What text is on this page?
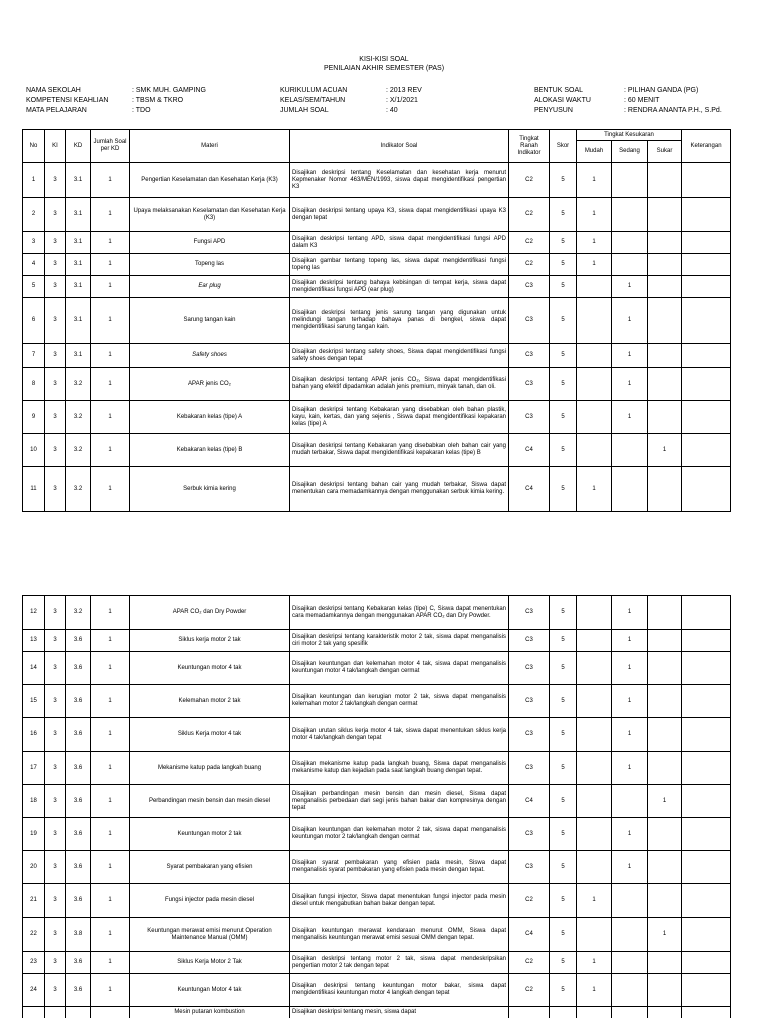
KISI-KISI SOAL
PENILAIAN AKHIR SEMESTER (PAS)
NAMA SEKOLAH	: SMK MUH. GAMPING
KOMPETENSI KEAHLIAN	: TBSM & TKRO
MATA PELAJARAN	: TDO
KURIKULUM ACUAN	: 2013 REV
KELAS/SEM/TAHUN	: X/1/2021
JUMLAH SOAL	: 40
BENTUK SOAL	: PILIHAN GANDA (PG)
ALOKASI WAKTU	: 60 MENIT
PENYUSUN	: RENDRA ANANTA P.H., S.Pd.
No	KI	KD	Jumlah Soal per KD	Materi	Indikator Soal	Tingkat Ranah Indikator	Skor	Tingkat Kesukaran			Keterangan
								Mudah	Sedang	Sukar	
1	3	3.1	1	Pengertian Keselamatan dan Kesehatan Kerja (K3)	Disajikan deskripsi tentang Keselamatan dan kesehatan kerja menurut Kepmenaker Nomor 463/MEN/1993, siswa dapat mengidentifikasi pengertian K3	C2	5	1			
2	3	3.1	1	Upaya melaksanakan Keselamatan dan Kesehatan Kerja (K3)	Disajikan deskripsi tentang upaya K3, siswa dapat mengidentifikasi upaya K3 dengan tepat	C2	5	1			
3	3	3.1	1	Fungsi APD	Disajikan deskripsi tentang APD, siswa dapat mengidentifikasi fungsi APD dalam K3	C2	5	1			
4	3	3.1	1	Topeng las	Disajikan gambar tentang topeng las, siswa dapat mengidentifikasi fungsi topeng las	C2	5	1			
5	3	3.1	1	Ear plug	Disajikan deskripsi tentang bahaya kebisingan di tempat kerja, siswa dapat mengidentifikasi fungsi APD (ear plug)	C3	5		1		
6	3	3.1	1	Sarung tangan kain	Disajikan deskripsi tentang jenis sarung tangan yang digunakan untuk melindungi tangan terhadap bahaya panas di bengkel, siswa dapat mengidentifikasi sarung tangan kain.	C3	5		1		
7	3	3.1	1	Safety shoes	Disajikan deskripsi tentang safety shoes, Siswa dapat mengidentifikasi fungsi safety shoes dengan tepat	C3	5		1		
8	3	3.2	1	APAR jenis CO₂	Disajikan deskripsi tentang APAR jenis CO₂, Siswa dapat mengidentifikasi bahan yang efektif dipadamkan adalah jenis premium, minyak tanah, dan oli.	C3	5		1		
9	3	3.2	1	Kebakaran kelas (tipe) A	Disajikan deskripsi tentang Kebakaran yang disebabkan oleh bahan plastik, kayu, kain, kertas, dan yang sejenis , Siswa dapat mengidentifikasi kepakaran kelas (tipe) A	C3	5		1		
10	3	3.2	1	Kebakaran kelas (tipe) B	Disajikan deskripsi tentang Kebakaran yang disebabkan oleh bahan cair yang mudah terbakar, Siswa dapat mengidentifikasi kepakaran kelas (tipe) B	C4	5			1	
11	3	3.2	1	Serbuk kimia kering	Disajikan deskripsi tentang bahan cair yang mudah terbakar, Siswa dapat menentukan cara memadamkannya dengan menggunakan serbuk kimia kering.	C4	5	1			
12	3	3.2	1	APAR CO₂ dan Dry Powder	Disajikan deskripsi tentang Kebakaran kelas (tipe) C, Siswa dapat menentukan cara memadamkannya dengan menggunakan APAR CO₂ dan Dry Powder.	C3	5		1		
13	3	3.6	1	Siklus kerja motor 2 tak	Disajikan deskripsi tentang karakteristik motor 2 tak, siswa dapat menganalisis ciri motor 2 tak yang spesifik	C3	5		1		
14	3	3.6	1	Keuntungan motor 4 tak	Disajikan keuntungan dan kelemahan motor 4 tak, siswa dapat menganalisis keuntungan motor 4 tak/langkah dengan cermat	C3	5		1		
15	3	3.6	1	Kelemahan motor 2 tak	Disajikan keuntungan dan kerugian motor 2 tak, siswa dapat menganalisis kelemahan motor 2 tak/langkah dengan cermat	C3	5		1		
16	3	3.6	1	Siklus Kerja motor 4 tak	Disajikan urutan siklus kerja motor 4 tak, siswa dapat menentukan siklus kerja motor 4 tak/langkah dengan tepat	C3	5		1		
17	3	3.6	1	Mekanisme katup pada langkah buang	Disajikan mekanisme katup pada langkah buang, Siswa dapat menganalisis mekanisme katup dan kejadian pada saat langkah buang dengan tepat.	C3	5		1		
18	3	3.6	1	Perbandingan mesin bensin dan mesin diesel	Disajikan perbandingan mesin bensin dan mesin diesel, Siswa dapat menganalisis perbedaan dari segi jenis bahan bakar dan kompresinya dengan tepat	C4	5			1	
19	3	3.6	1	Keuntungan motor 2 tak	Disajikan keuntungan dan kelemahan motor 2 tak, siswa dapat menganalisis keuntungan motor 2 tak/langkah dengan cermat	C3	5		1		
20	3	3.6	1	Syarat pembakaran yang efisien	Disajikan syarat pembakaran yang efisien pada mesin, Siswa dapat menganalisis syarat pembakaran yang efisien pada mesin dengan tepat.	C3	5		1		
21	3	3.6	1	Fungsi injector pada mesin diesel	Disajikan fungsi injector, Siswa dapat menentukan fungsi injector pada mesin diesel untuk mengabutkan bahan bakar dengan tepat.	C2	5	1			
22	3	3.8	1	Keuntungan merawat emisi menurut Operation Maintenance Manual (OMM)	Disajikan keuntungan merawat kendaraan menurut OMM, Siswa dapat menganalisis keuntungan merawat emisi sesuai OMM dengan tepat.	C4	5			1	
23	3	3.6	1	Siklus Kerja Motor 2 Tak	Disajikan deskripsi tentang motor 2 tak, siswa dapat mendeskripsikan pengertian motor 2 tak dengan tepat	C2	5	1			
24	3	3.6	1	Keuntungan Motor 4 tak	Disajikan deskripsi tentang keuntungan motor bakar, siswa dapat mengidentifikasi keuntungan motor 4 langkah dengan tepat	C2	5	1			
				Mesin putaran kombustion	Disajikan deskripsi tentang mesin, siswa dapat						
